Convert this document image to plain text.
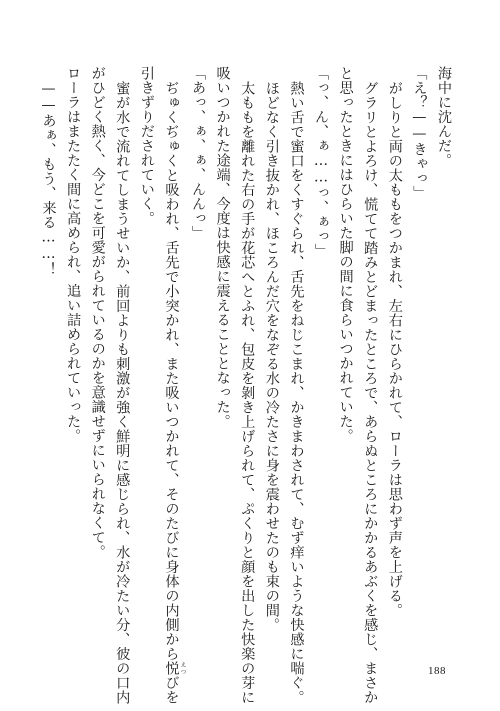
海中に沈んだ。
「え？——きゃっ」
がしりと両の太ももをつかまれ、左右にひらかれて、ローラは思わず声を上げる。
グラリとよろけ、慌てて踏みとどまったところで、あらぬところにかかるあぶくを感じ、まさか
と思ったときにはひらいた脚の間に食らいつかれていた。
「っ、ん、ぁ……っ、ぁっ」
熱い舌で蜜口をくすぐられ、舌先をねじこまれ、かきまわされて、むず痒いような快感に喘ぐ。
ほどなく引き抜かれ、ほころんだ穴をなぞる水の冷たさに身を震わせたのも束の間。
太ももを離れた右の手が花芯へとふれ、包皮を剝き上げられて、ぷくりと顔を出した快楽の芽に
吸いつかれた途端、今度は快感に震えることとなった。
「あっ、ぁ、ぁ、んんっ」
ぢゅくぢゅくと吸われ、舌先で小突かれ、また吸いつかれて、そのたびに身体の内側から悦 えつびを
引きずりだされていく。
蜜が水で流れてしまうせいか、前回よりも刺激が強く鮮明に感じられ、水が冷たい分、彼の口内
がひどく熱く、今どこを可愛がられているのかを意識せずにいられなくて。
ローラはまたたく間に高められ、追い詰められていった。
——あぁ、もう、来る……！
188
